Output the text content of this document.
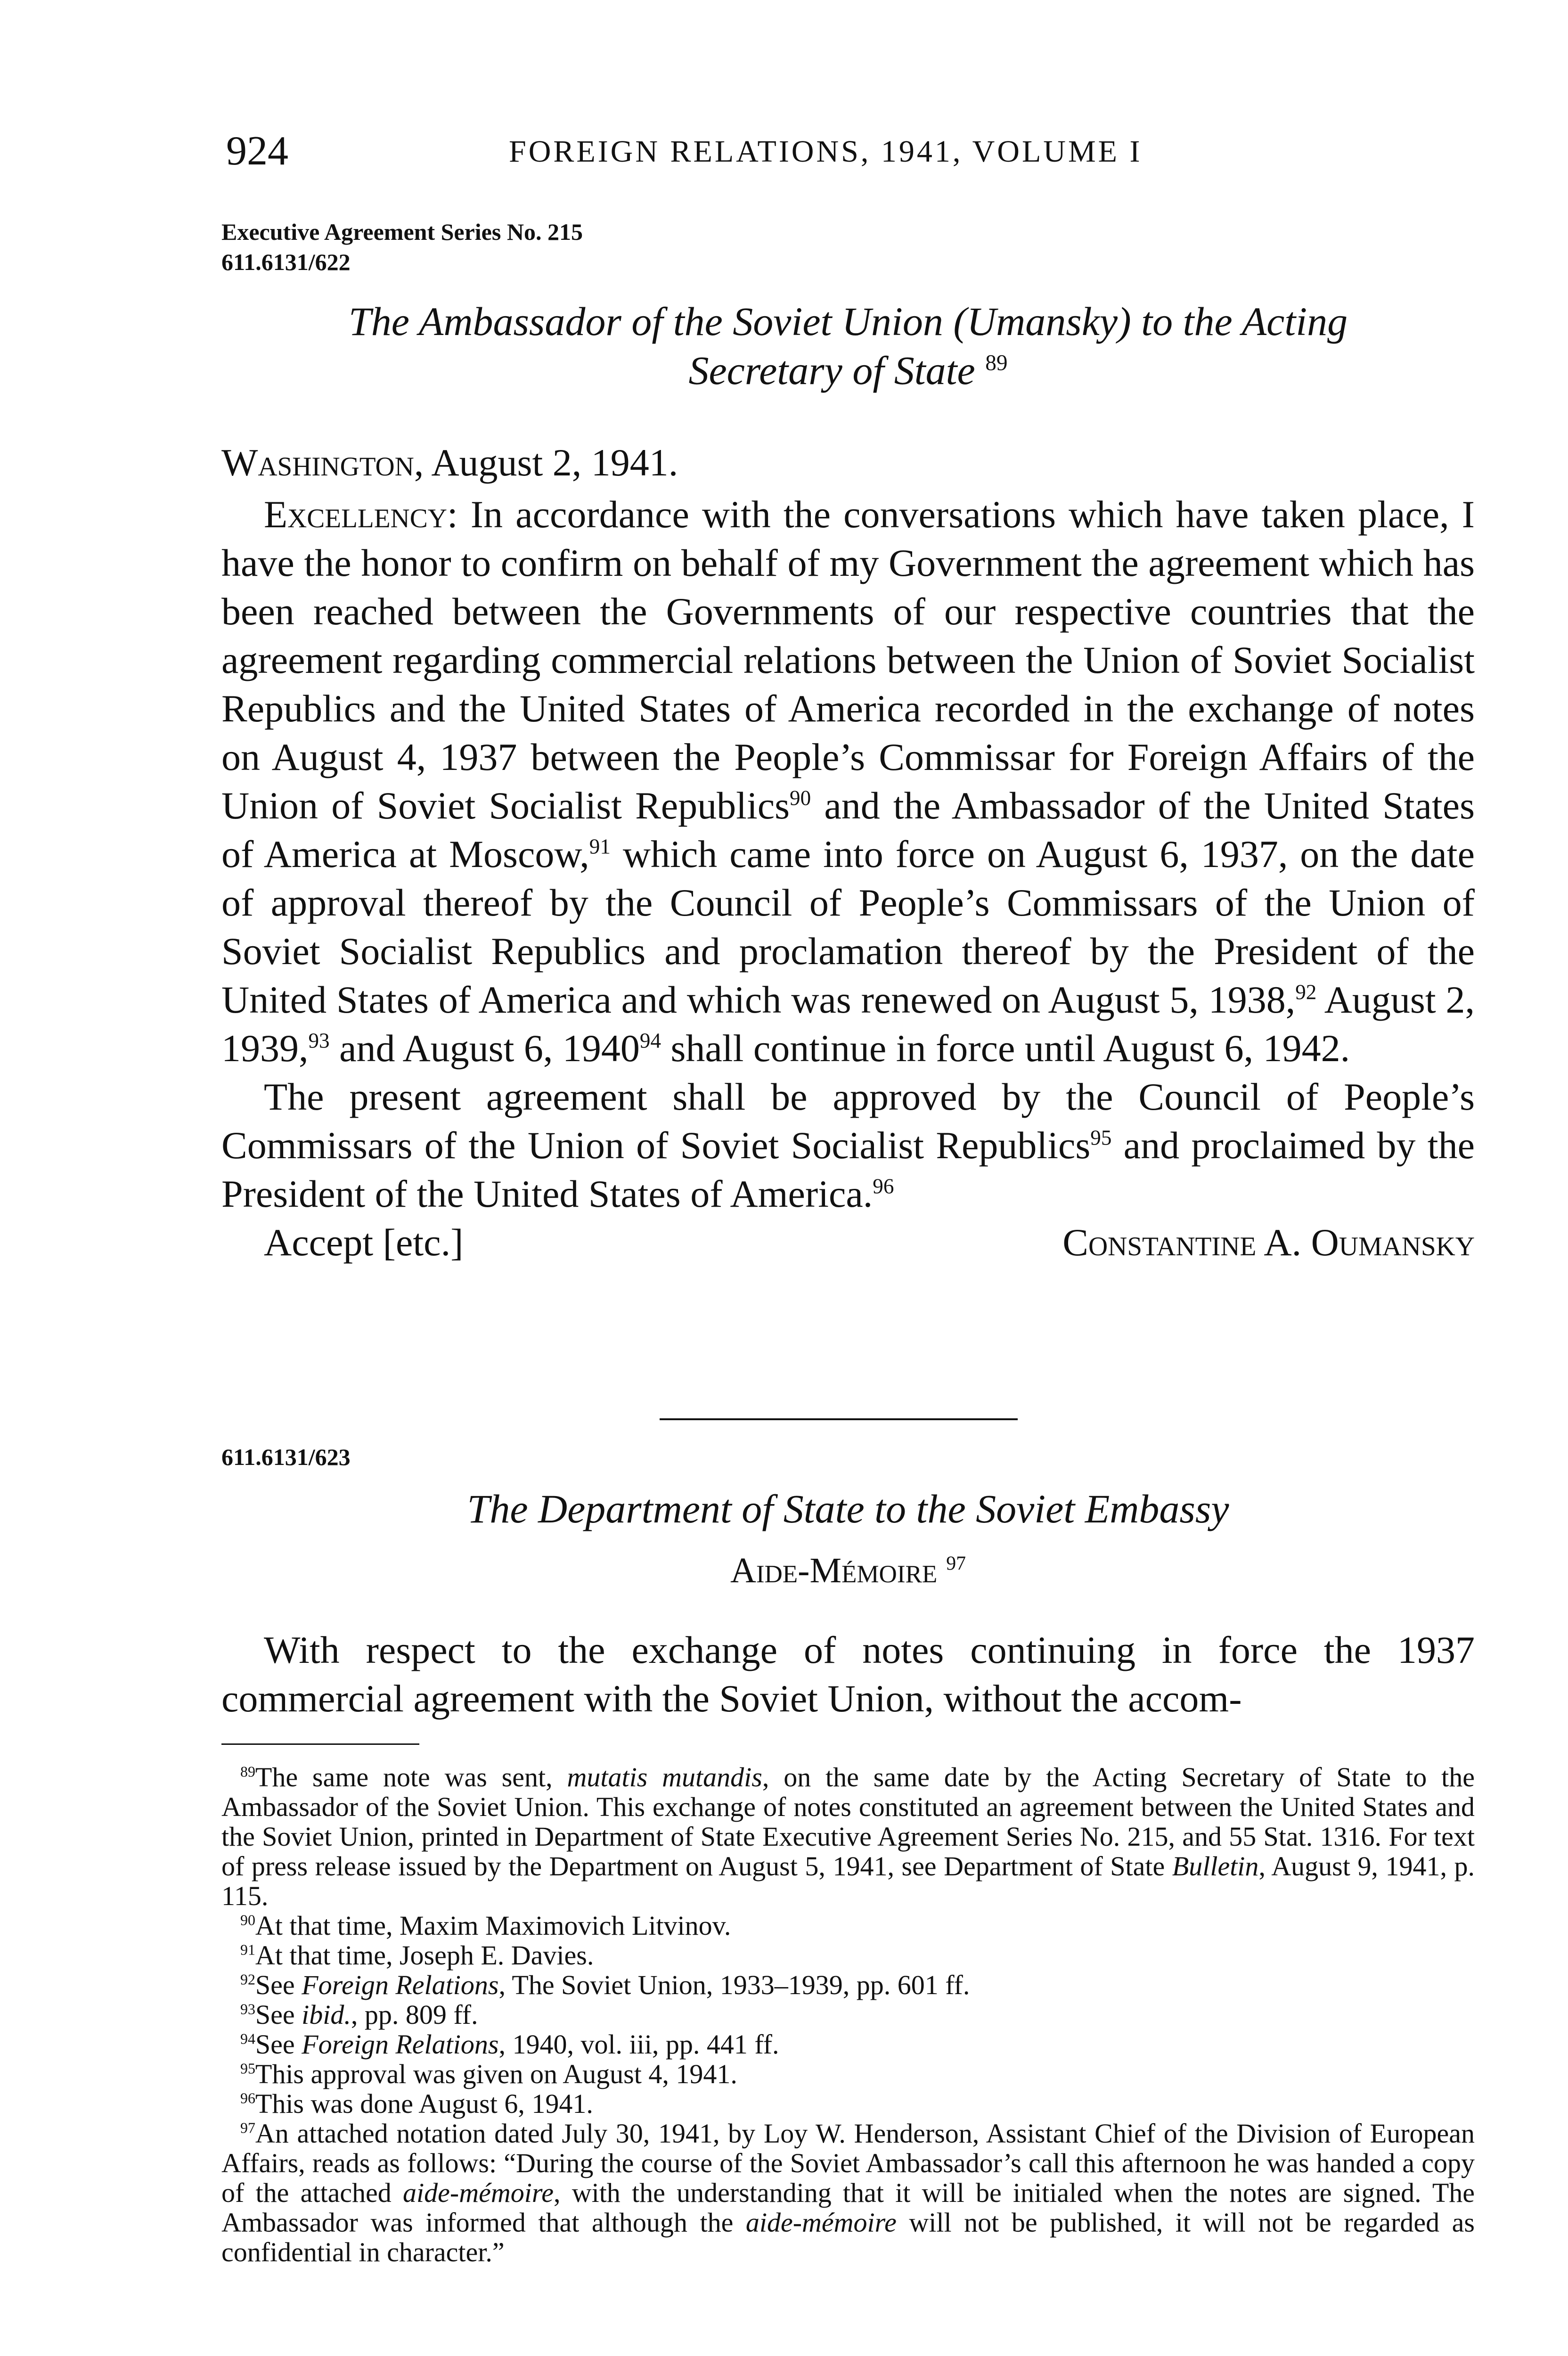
924	FOREIGN RELATIONS, 1941, VOLUME I
Executive Agreement Series No. 215
611.6131/622
The Ambassador of the Soviet Union (Umansky) to the Acting
Secretary of State $^{89}$
Washington, August 2, 1941.

Excellency: In accordance with the conversations which have taken place, I have the honor to confirm on behalf of my Government the agreement which has been reached between the Governments of our respective countries that the agreement regarding commercial relations between the Union of Soviet Socialist Republics and the United States of America recorded in the exchange of notes on August 4, 1937 between the People’s Commissar for Foreign Affairs of the Union of Soviet Socialist Republics$^{90}$ and the Ambassador of the United States of America at Moscow,$^{91}$ which came into force on August 6, 1937, on the date of approval thereof by the Council of People’s Commissars of the Union of Soviet Socialist Republics and proclamation thereof by the President of the United States of America and which was renewed on August 5, 1938,92 August 2, 1939,93 and August 6, 1940$^{94}$ shall continue in force until August 6, 1942.

The present agreement shall be approved by the Council of People’s Commissars of the Union of Soviet Socialist Republics$^{95}$ and proclaimed by the President of the United States of America.$^{96}$

Accept [etc.]	Constantine A. Oumansky
611.6131/623
The Department of State to the Soviet Embassy
Aide-Mémoire $^{97}$

With respect to the exchange of notes continuing in force the 1937 commercial agreement with the Soviet Union, without the accom-

$^{89}$The same note was sent, mutatis mutandis, on the same date by the Acting Secretary of State to the Ambassador of the Soviet Union. This exchange of notes constituted an agreement between the United States and the Soviet Union, printed in Department of State Executive Agreement Series No. 215, and 55 Stat. 1316. For text of press release issued by the Department on August 5, 1941, see Department of State Bulletin, August 9, 1941, p. 115.

$^{90}$At that time, Maxim Maximovich Litvinov.

$^{91}$At that time, Joseph E. Davies.

$^{92}$See Foreign Relations, The Soviet Union, 1933–1939, pp. 601 ff.

$^{93}$See ibid., pp. 809 ff.

$^{94}$See Foreign Relations, 1940, vol. iii, pp. 441 ff.

$^{95}$This approval was given on August 4, 1941.

$^{96}$This was done August 6, 1941.

$^{97}$An attached notation dated July 30, 1941, by Loy W. Henderson, Assistant Chief of the Division of European Affairs, reads as follows: “During the course of the Soviet Ambassador’s call this afternoon he was handed a copy of the attached aide-mémoire, with the understanding that it will be initialed when the notes are signed. The Ambassador was informed that although the aide-mémoire will not be published, it will not be regarded as confidential in character.”
